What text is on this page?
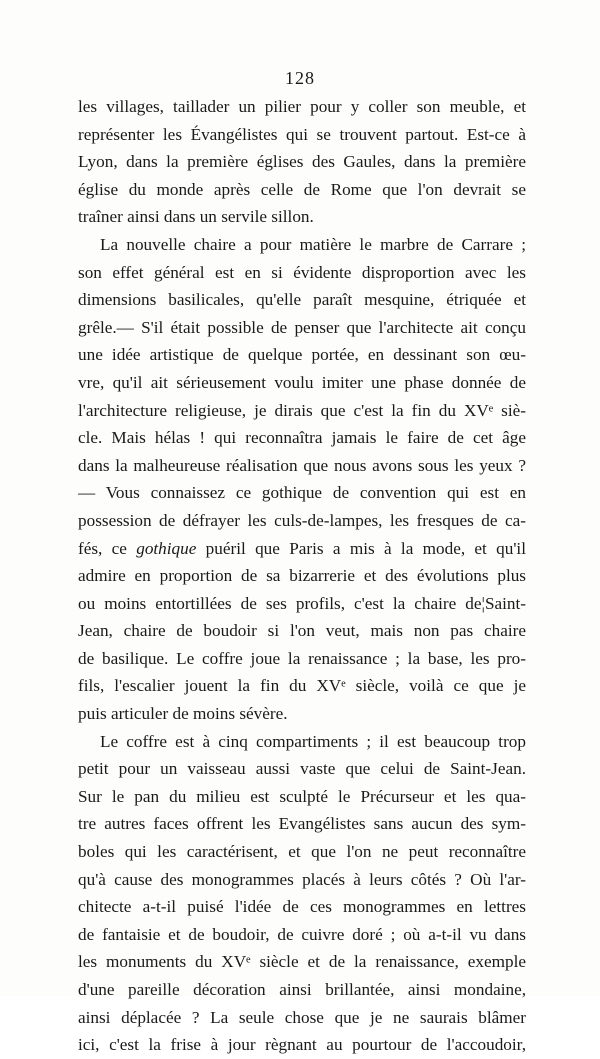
128
les villages, taillader un pilier pour y coller son meuble, et
représenter les Évangélistes qui se trouvent partout. Est-ce à
Lyon, dans la première églises des Gaules, dans la première
église du monde après celle de Rome que l'on devrait se
traîner ainsi dans un servile sillon.
La nouvelle chaire a pour matière le marbre de Carrare ;
son effet général est en si évidente disproportion avec les
dimensions basilicales, qu'elle paraît mesquine, étriquée et
grêle.— S'il était possible de penser que l'architecte ait conçu
une idée artistique de quelque portée, en dessinant son œu-
vre, qu'il ait sérieusement voulu imiter une phase donnée de
l'architecture religieuse, je dirais que c'est la fin du XVᵉ siè-
cle. Mais hélas ! qui reconnaîtra jamais le faire de cet âge
dans la malheureuse réalisation que nous avons sous les yeux ?
— Vous connaissez ce gothique de convention qui est en
possession de défrayer les culs-de-lampes, les fresques de ca-
fés, ce gothique puéril que Paris a mis à la mode, et qu'il
admire en proportion de sa bizarrerie et des évolutions plus
ou moins entortillées de ses profils, c'est la chaire de¦Saint-
Jean, chaire de boudoir si l'on veut, mais non pas chaire
de basilique. Le coffre joue la renaissance ; la base, les pro-
fils, l'escalier jouent la fin du XVᵉ siècle, voilà ce que je
puis articuler de moins sévère.
Le coffre est à cinq compartiments ; il est beaucoup trop
petit pour un vaisseau aussi vaste que celui de Saint-Jean.
Sur le pan du milieu est sculpté le Précurseur et les qua-
tre autres faces offrent les Evangélistes sans aucun des sym-
boles qui les caractérisent, et que l'on ne peut reconnaître
qu'à cause des monogrammes placés à leurs côtés ? Où l'ar-
chitecte a-t-il puisé l'idée de ces monogrammes en lettres
de fantaisie et de boudoir, de cuivre doré ; où a-t-il vu dans
les monuments du XVᵉ siècle et de la renaissance, exemple
d'une pareille décoration ainsi brillantée, ainsi mondaine,
ainsi déplacée ? La seule chose que je ne saurais blâmer
ici, c'est la frise à jour règnant au pourtour de l'accoudoir,
